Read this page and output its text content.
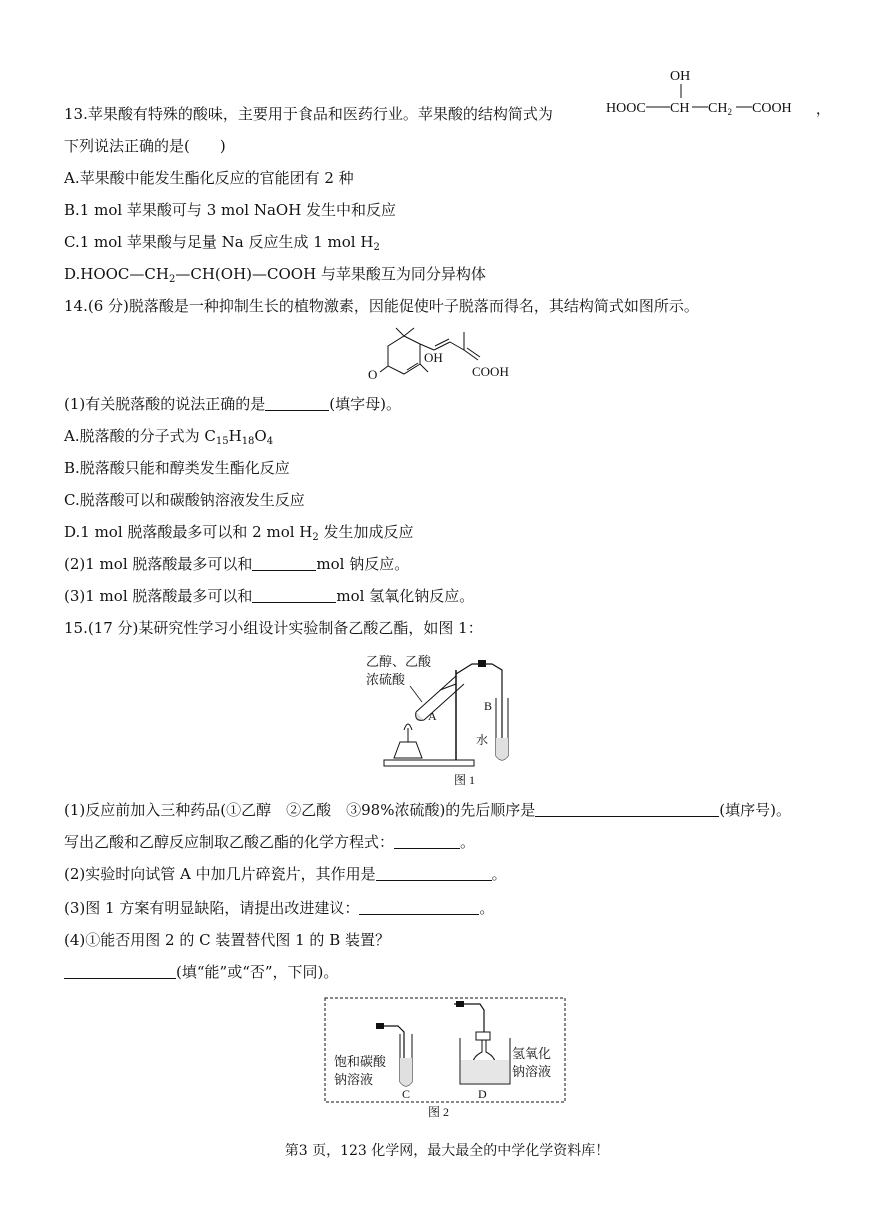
13.苹果酸有特殊的酸味，主要用于食品和医药行业。苹果酸的结构简式为
OH
HOOC CH $CH_2$ COOH ，
下列说法正确的是(　　)
A.苹果酸中能发生酯化反应的官能团有 2 种
B.1 mol 苹果酸可与 3 mol NaOH 发生中和反应
C.1 mol 苹果酸与足量 Na 反应生成 1 mol $H_2$
$D.HOOC—CH_2—CH(OH)—COOH$ 与苹果酸互为同分异构体
14.(6 分)脱落酸是一种抑制生长的植物激素，因能促使叶子脱落而得名，其结构简式如图所示。
O
OH
COOH
(1)有关脱落酸的说法正确的是	(填字母)。
A.脱落酸的分子式为 $C_{15}H_{18}O_4$
B.脱落酸只能和醇类发生酯化反应
C.脱落酸可以和碳酸钠溶液发生反应
D.1 mol 脱落酸最多可以和 2 mol $H_2$ 发生加成反应
(2)1 mol 脱落酸最多可以和	mol 钠反应。
(3)1 mol 脱落酸最多可以和	mol 氢氧化钠反应。
15.(17 分)某研究性学习小组设计实验制备乙酸乙酯，如图 1：
乙醇、乙酸
浓硫酸
A
B
水
图 1
(1)反应前加入三种药品(①乙醇　②乙酸　③98%浓硫酸)的先后顺序是	(填序号)。
写出乙酸和乙醇反应制取乙酸乙酯的化学方程式：	。
(2)实验时向试管 A 中加几片碎瓷片，其作用是	。
(3)图 1 方案有明显缺陷，请提出改进建议：	。
(4)①能否用图 2 的 C 装置替代图 1 的 B 装置？
(填“能”或“否”，下同)。
饱和碳酸
钠溶液
C
氢氧化
钠溶液
D
图 2
第3 页，123 化学网，最大最全的中学化学资料库！
